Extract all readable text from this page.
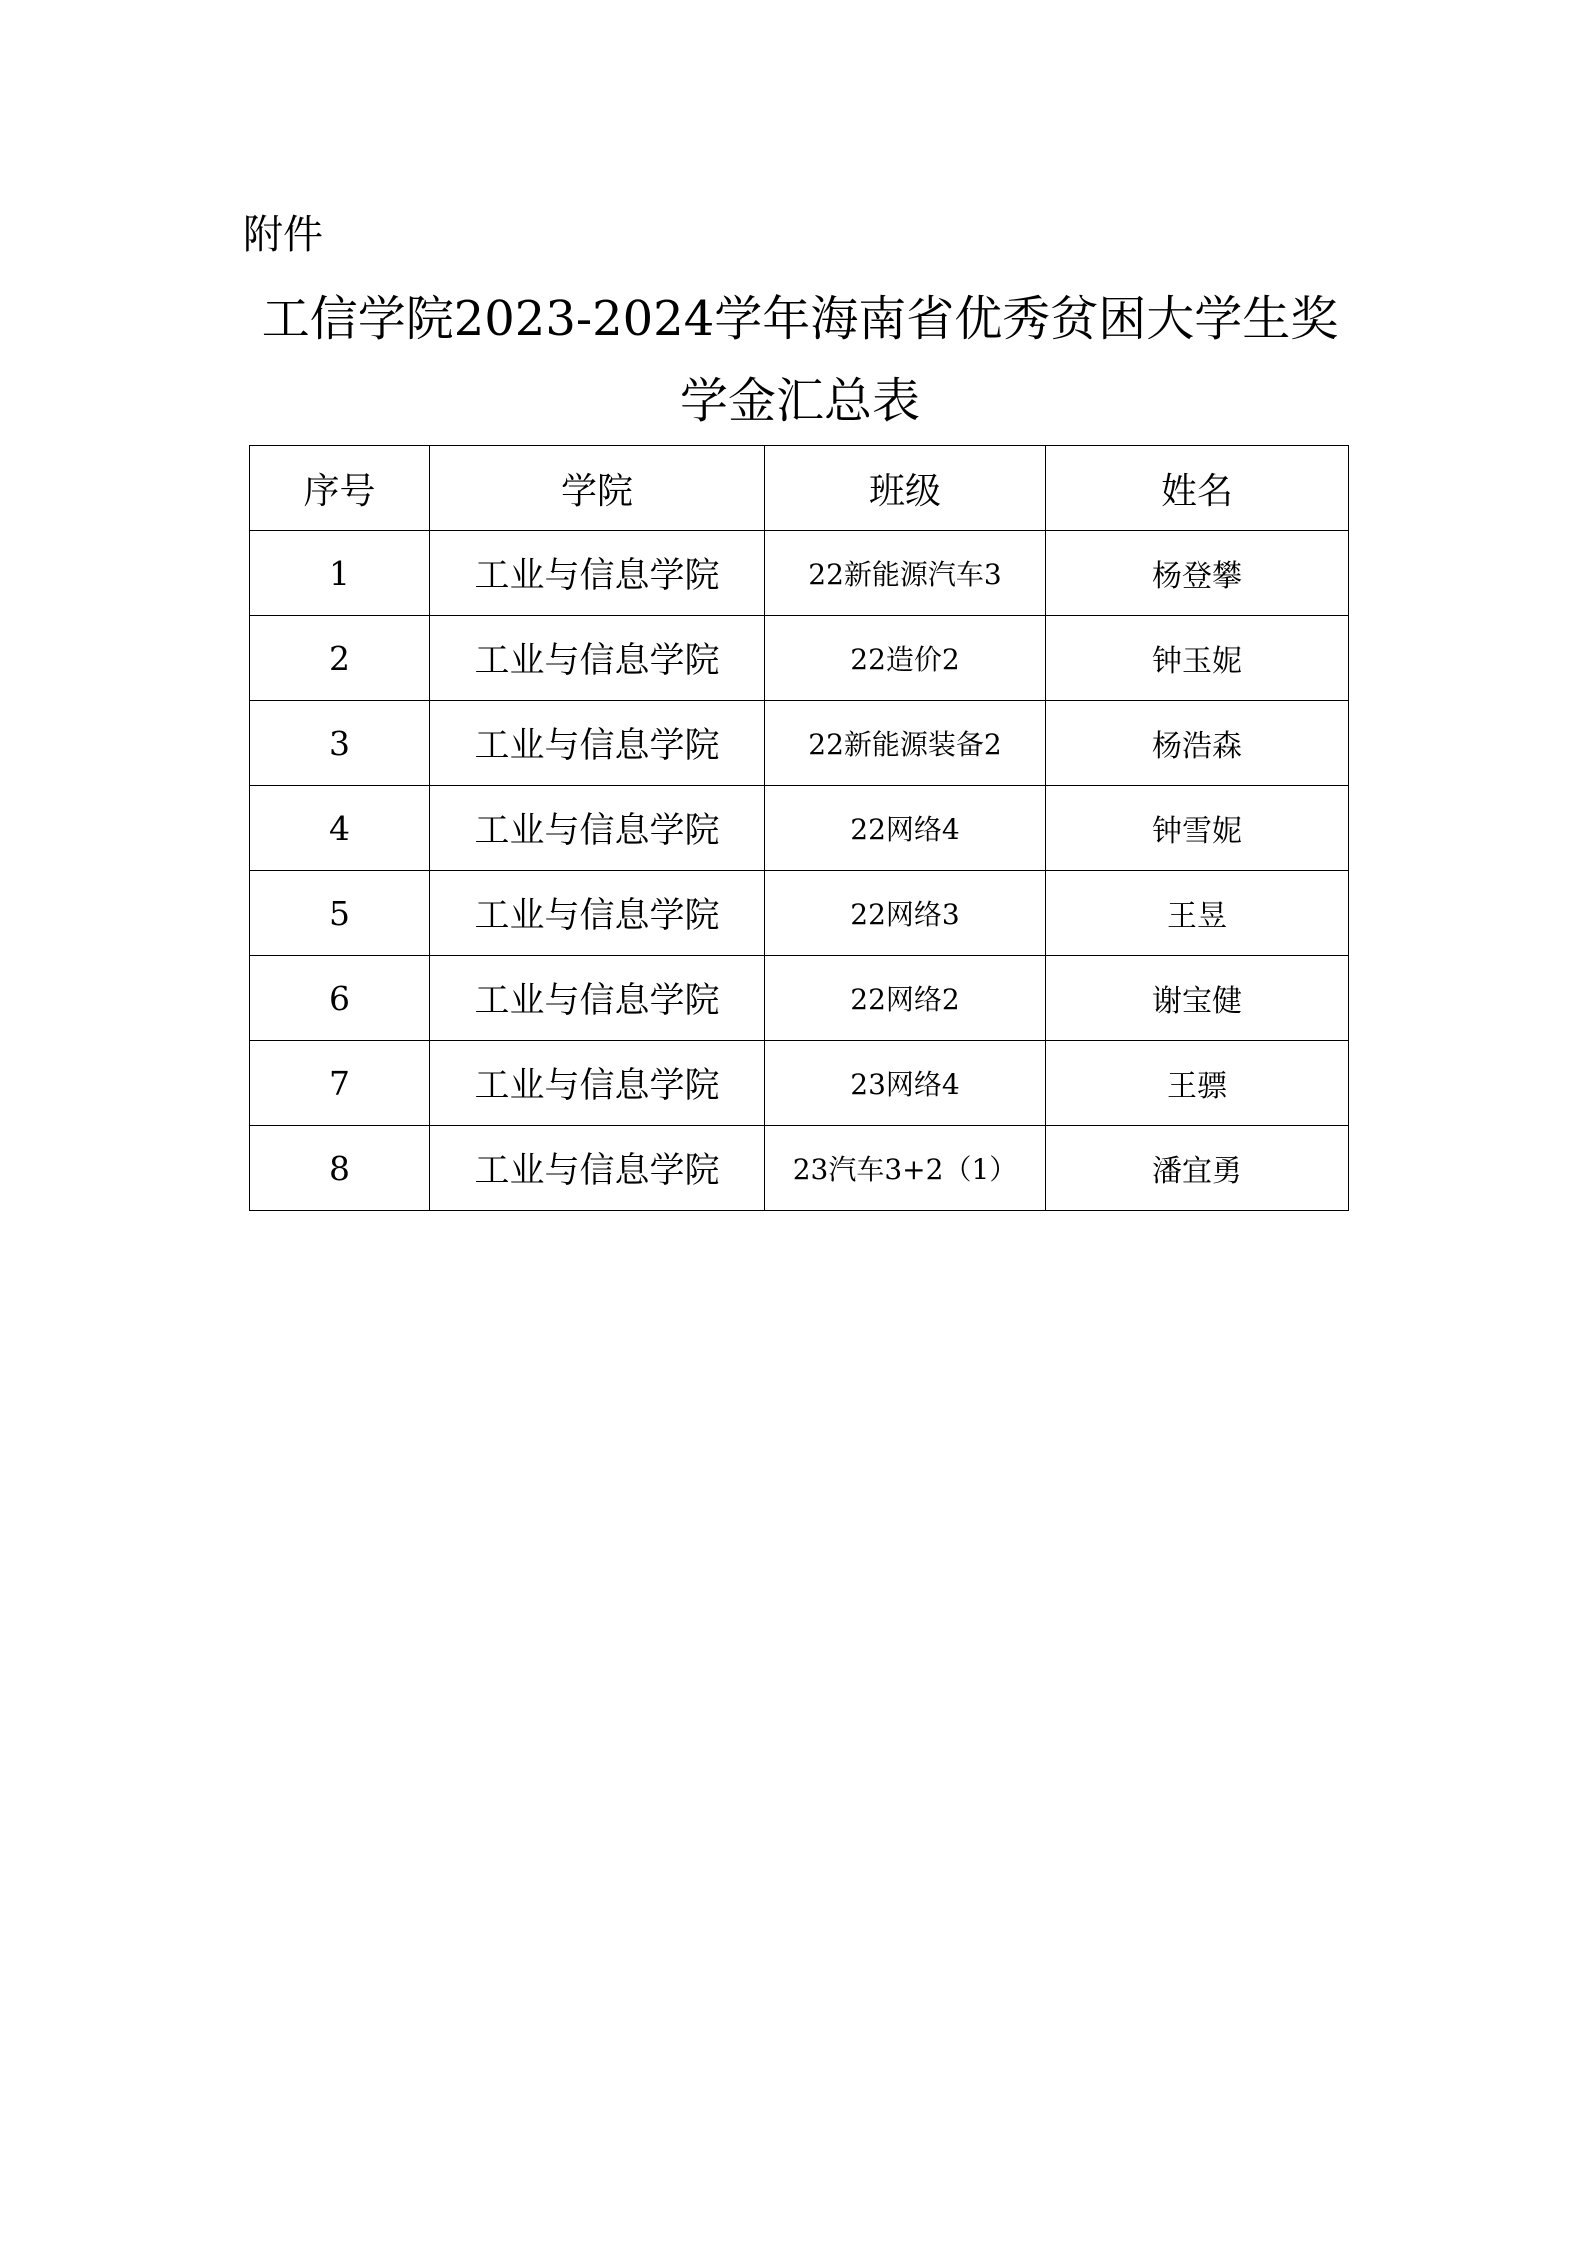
附件
工信学院2023-2024学年海南省优秀贫困大学生奖
学金汇总表
序号	学院	班级	姓名
1	工业与信息学院	22新能源汽车3	杨登攀
2	工业与信息学院	22造价2	钟玉妮
3	工业与信息学院	22新能源装备2	杨浩森
4	工业与信息学院	22网络4	钟雪妮
5	工业与信息学院	22网络3	王昱
6	工业与信息学院	22网络2	谢宝健
7	工业与信息学院	23网络4	王骠
8	工业与信息学院	23汽车3+2（1）	潘宜勇
